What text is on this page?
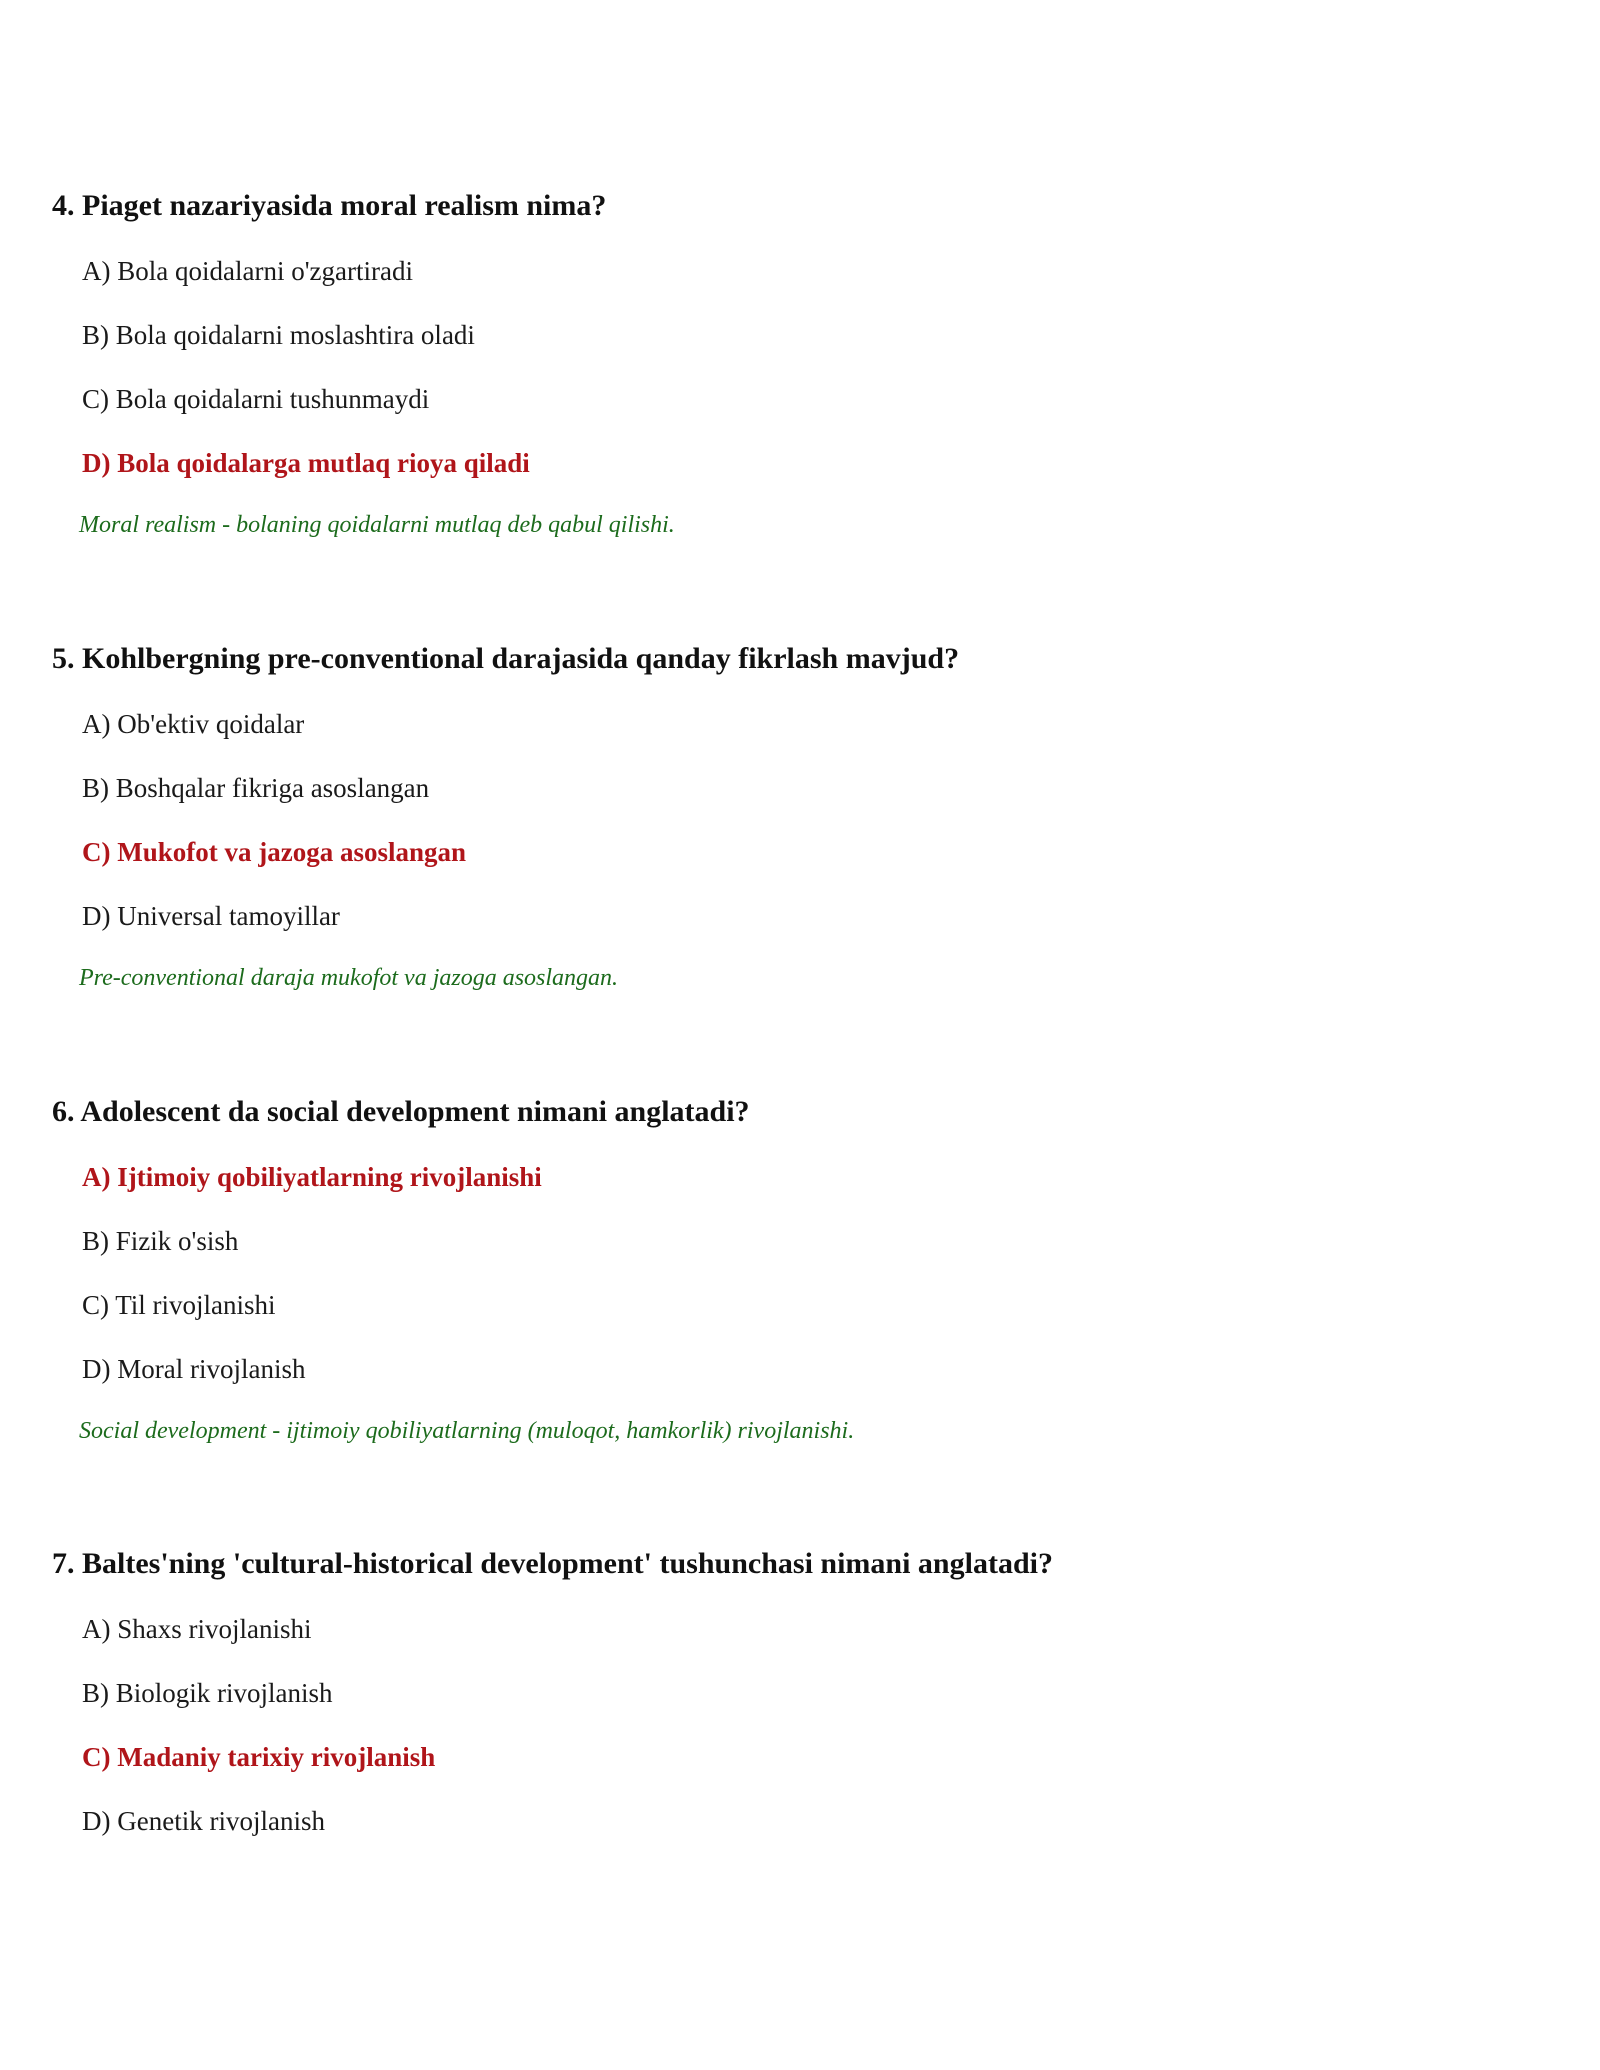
4. Piaget nazariyasida moral realism nima?

A) Bola qoidalarni o'zgartiradi
B) Bola qoidalarni moslashtira oladi
C) Bola qoidalarni tushunmaydi
D) Bola qoidalarga mutlaq rioya qiladi
Moral realism - bolaning qoidalarni mutlaq deb qabul qilishi.

5. Kohlbergning pre-conventional darajasida qanday fikrlash mavjud?

A) Ob'ektiv qoidalar
B) Boshqalar fikriga asoslangan
C) Mukofot va jazoga asoslangan
D) Universal tamoyillar
Pre-conventional daraja mukofot va jazoga asoslangan.

6. Adolescent da social development nimani anglatadi?

A) Ijtimoiy qobiliyatlarning rivojlanishi
B) Fizik o'sish
C) Til rivojlanishi
D) Moral rivojlanish
Social development - ijtimoiy qobiliyatlarning (muloqot, hamkorlik) rivojlanishi.

7. Baltes'ning 'cultural-historical development' tushunchasi nimani anglatadi?

A) Shaxs rivojlanishi
B) Biologik rivojlanish
C) Madaniy tarixiy rivojlanish
D) Genetik rivojlanish
